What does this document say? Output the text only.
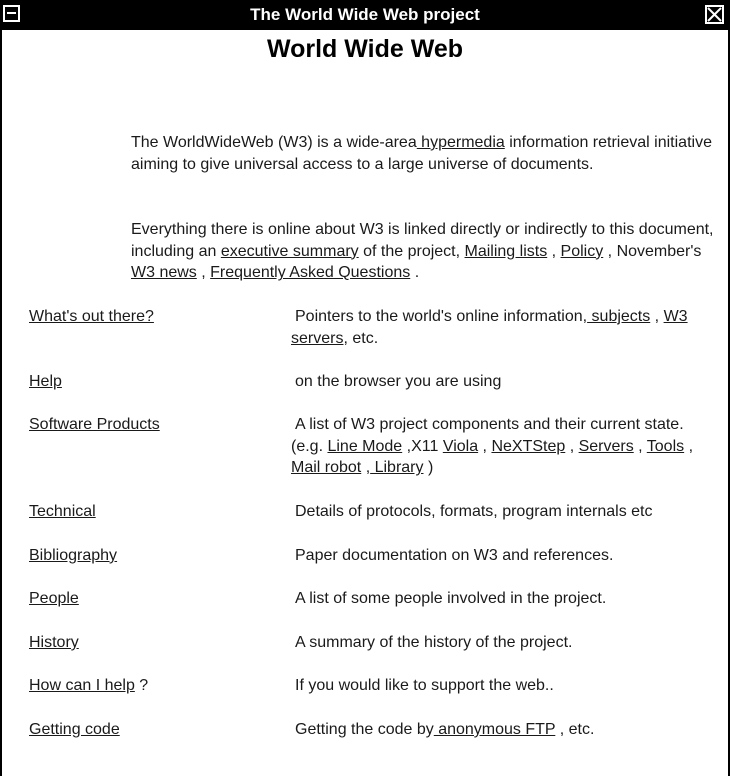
The World Wide Web project
World Wide Web
The WorldWideWeb (W3) is a wide-area hypermedia information retrieval initiative aiming to give universal access to a large universe of documents.
Everything there is online about W3 is linked directly or indirectly to this document, including an executive summary of the project, Mailing lists , Policy , November's W3 news , Frequently Asked Questions .
What's out there?	Pointers to the world's online information, subjects , W3 servers, etc.
Help	on the browser you are using
Software Products	A list of W3 project components and their current state. (e.g. Line Mode ,X11 Viola , NeXTStep , Servers , Tools , Mail robot , Library )
Technical	Details of protocols, formats, program internals etc
Bibliography	Paper documentation on W3 and references.
People	A list of some people involved in the project.
History	A summary of the history of the project.
How can I help ?	If you would like to support the web..
Getting code	Getting the code by anonymous FTP , etc.
